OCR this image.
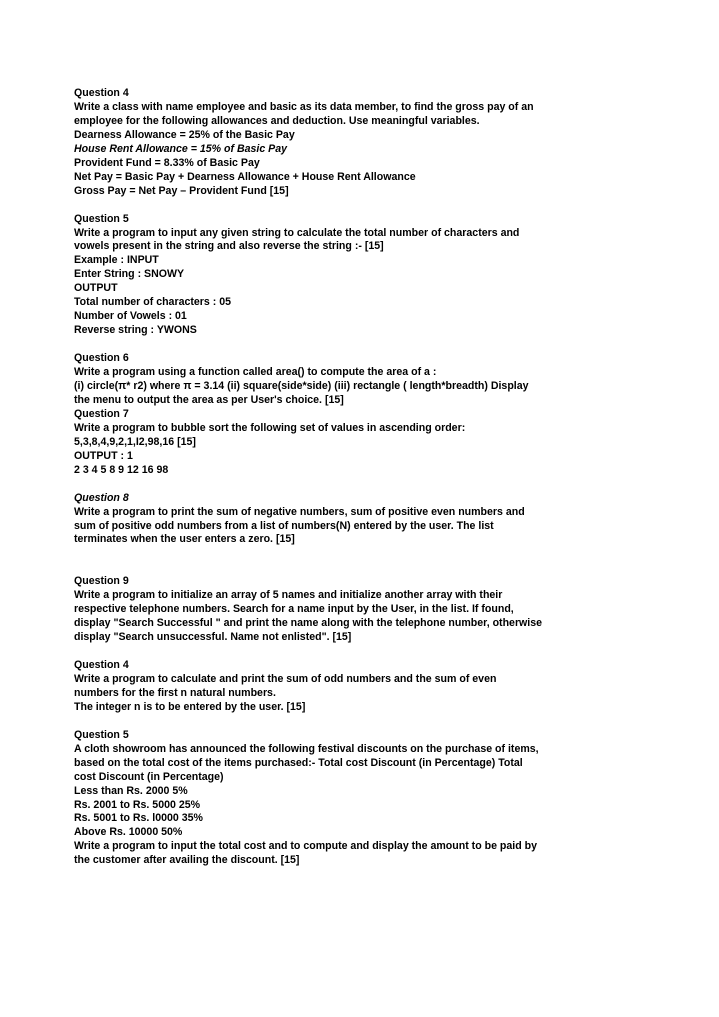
Question 4
Write a class with name employee and basic as its data member, to find the gross pay of an
employee for the following allowances and deduction. Use meaningful variables.
Dearness Allowance = 25% of the Basic Pay
House Rent Allowance = 15% of Basic Pay
Provident Fund = 8.33% of Basic Pay
Net Pay = Basic Pay + Dearness Allowance + House Rent Allowance
Gross Pay = Net Pay – Provident Fund [15]
Question 5
Write a program to input any given string to calculate the total number of characters and
vowels present in the string and also reverse the string :- [15]
Example : INPUT
Enter String : SNOWY
OUTPUT
Total number of characters : 05
Number of Vowels : 01
Reverse string : YWONS
Question 6
Write a program using a function called area() to compute the area of a :
(i) circle(π* r2) where π = 3.14 (ii) square(side*side) (iii) rectangle ( length*breadth) Display
the menu to output the area as per User's choice. [15]
Question 7
Write a program to bubble sort the following set of values in ascending order:
5,3,8,4,9,2,1,I2,98,16 [15]
OUTPUT : 1
2 3 4 5 8 9 12 16 98
Question 8
Write a program to print the sum of negative numbers, sum of positive even numbers and
sum of positive odd numbers from a list of numbers(N) entered by the user. The list
terminates when the user enters a zero. [15]
Question 9
Write a program to initialize an array of 5 names and initialize another array with their
respective telephone numbers. Search for a name input by the User, in the list. If found,
display "Search Successful " and print the name along with the telephone number, otherwise
display "Search unsuccessful. Name not enlisted". [15]
Question 4
Write a program to calculate and print the sum of odd numbers and the sum of even
numbers for the first n natural numbers.
The integer n is to be entered by the user. [15]
Question 5
A cloth showroom has announced the following festival discounts on the purchase of items,
based on the total cost of the items purchased:- Total cost Discount (in Percentage) Total
cost Discount (in Percentage)
Less than Rs. 2000 5%
Rs. 2001 to Rs. 5000 25%
Rs. 5001 to Rs. l0000 35%
Above Rs. 10000 50%
Write a program to input the total cost and to compute and display the amount to be paid by
the customer after availing the discount. [15]
